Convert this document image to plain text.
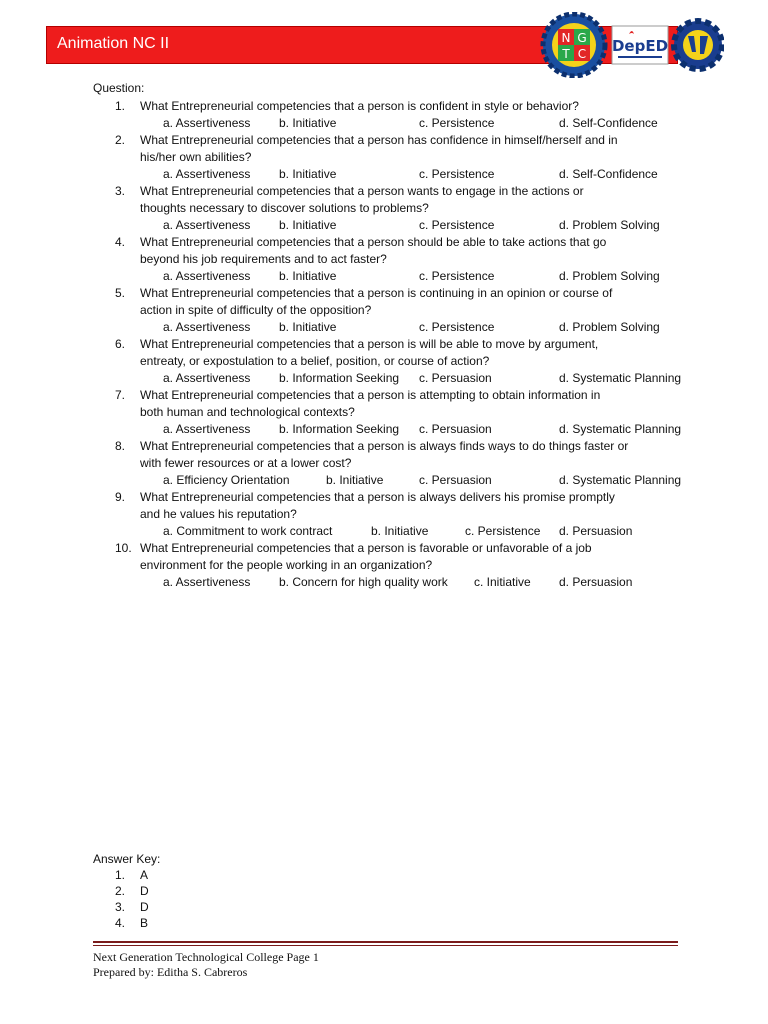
Animation NC II	N G
T C DepED
Question:
1.	What Entrepreneurial competencies that a person is confident in style or behavior?
a. Assertiveness b. Initiative	c. Persistence	d. Self-Confidence
2.	What Entrepreneurial competencies that a person has confidence in himself/herself and in
his/her own abilities?
a. Assertiveness b. Initiative	c. Persistence	d. Self-Confidence
3.	What Entrepreneurial competencies that a person wants to engage in the actions or
thoughts necessary to discover solutions to problems?
a. Assertiveness b. Initiative	c. Persistence	d. Problem Solving
4.	What Entrepreneurial competencies that a person should be able to take actions that go
beyond his job requirements and to act faster?
a. Assertiveness b. Initiative	c. Persistence	d. Problem Solving
5.	What Entrepreneurial competencies that a person is continuing in an opinion or course of
action in spite of difficulty of the opposition?
a. Assertiveness b. Initiative	c. Persistence	d. Problem Solving
6.	What Entrepreneurial competencies that a person is will be able to move by argument,
entreaty, or expostulation to a belief, position, or course of action?
a. Assertiveness b. Information Seeking c. Persuasion	d. Systematic Planning
7.	What Entrepreneurial competencies that a person is attempting to obtain information in
both human and technological contexts?
a. Assertiveness b. Information Seeking c. Persuasion	d. Systematic Planning
8.	What Entrepreneurial competencies that a person is always finds ways to do things faster or
with fewer resources or at a lower cost?
a. Efficiency Orientation	b. Initiative	c. Persuasion	d. Systematic Planning
9.	What Entrepreneurial competencies that a person is always delivers his promise promptly
and he values his reputation?
a. Commitment to work contract	b. Initiative	c. Persistence d. Persuasion
10. What Entrepreneurial competencies that a person is favorable or unfavorable of a job
environment for the people working in an organization?
a. Assertiveness b. Concern for high quality work c. Initiative d. Persuasion
Answer Key:
1.	A
2.	D
3.	D
4.	B
Next Generation Technological College Page 1
Prepared by: Editha S. Cabreros
